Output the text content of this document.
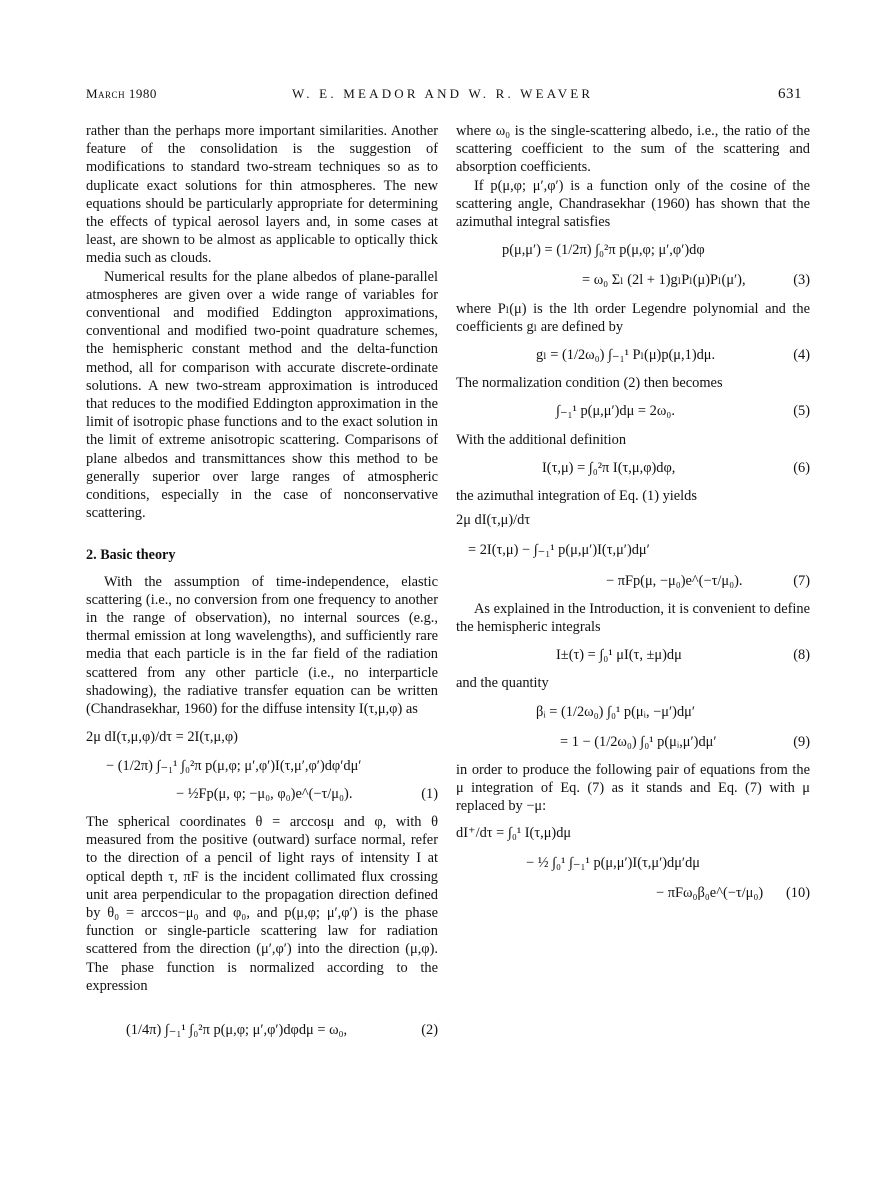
March 1980	W. E. MEADOR AND W. R. WEAVER	631

rather than the perhaps more important similarities. Another feature of the consolidation is the suggestion of modifications to standard two-stream techniques so as to duplicate exact solutions for thin atmospheres. The new equations should be particularly appropriate for determining the effects of typical aerosol layers and, in some cases at least, are shown to be almost as applicable to optically thick media such as clouds.

Numerical results for the plane albedos of plane-parallel atmospheres are given over a wide range of variables for conventional and modified Eddington approximations, conventional and modified two-point quadrature schemes, the hemispheric constant method and the delta-function method, all for comparison with accurate discrete-ordinate solutions. A new two-stream approximation is introduced that reduces to the modified Eddington approximation in the limit of isotropic phase functions and to the exact solution in the limit of extreme anisotropic scattering. Comparisons of plane albedos and transmittances show this method to be generally superior over large ranges of atmospheric conditions, especially in the case of nonconservative scattering.

2. Basic theory

With the assumption of time-independence, elastic scattering (i.e., no conversion from one frequency to another in the range of observation), no internal sources (e.g., thermal emission at long wavelengths), and sufficiently rare media that each particle is in the far field of the radiation scattered from any other particle (i.e., no interparticle shadowing), the radiative transfer equation can be written (Chandrasekhar, 1960) for the diffuse intensity I(τ,μ,φ) as

2μ dI(τ,μ,φ)/dτ = 2I(τ,μ,φ)
− (1/2π) ∫₋₁¹ ∫₀²π p(μ,φ; μ′,φ′)I(τ,μ′,φ′)dφ′dμ′
− ½Fp(μ, φ; −μ₀, φ₀)e^(−τ/μ₀).	(1)

The spherical coordinates θ = arccosμ and φ, with θ measured from the positive (outward) surface normal, refer to the direction of a pencil of light rays of intensity I at optical depth τ, πF is the incident collimated flux crossing unit area perpendicular to the propagation direction defined by θ₀ = arccos−μ₀ and φ₀, and p(μ,φ; μ′,φ′) is the phase function or single-particle scattering law for radiation scattered from the direction (μ′,φ′) into the direction (μ,φ). The phase function is normalized according to the expression

(1/4π) ∫₋₁¹ ∫₀²π p(μ,φ; μ′,φ′)dφdμ = ω₀,	(2)

where ω₀ is the single-scattering albedo, i.e., the ratio of the scattering coefficient to the sum of the scattering and absorption coefficients.

If p(μ,φ; μ′,φ′) is a function only of the cosine of the scattering angle, Chandrasekhar (1960) has shown that the azimuthal integral satisfies

p(μ,μ′) = (1/2π) ∫₀²π p(μ,φ; μ′,φ′)dφ
= ω₀ Σₗ (2l + 1)gₗPₗ(μ)Pₗ(μ′),	(3)

where Pₗ(μ) is the lth order Legendre polynomial and the coefficients gₗ are defined by

gₗ = (1/2ω₀) ∫₋₁¹ Pₗ(μ)p(μ,1)dμ.	(4)

The normalization condition (2) then becomes

∫₋₁¹ p(μ,μ′)dμ = 2ω₀.	(5)

With the additional definition

I(τ,μ) = ∫₀²π I(τ,μ,φ)dφ,	(6)

the azimuthal integration of Eq. (1) yields

2μ dI(τ,μ)/dτ
= 2I(τ,μ) − ∫₋₁¹ p(μ,μ′)I(τ,μ′)dμ′
− πFp(μ, −μ₀)e^(−τ/μ₀).	(7)

As explained in the Introduction, it is convenient to define the hemispheric integrals

I±(τ) = ∫₀¹ μI(τ, ±μ)dμ	(8)

and the quantity

βᵢ = (1/2ω₀) ∫₀¹ p(μᵢ, −μ′)dμ′
= 1 − (1/2ω₀) ∫₀¹ p(μᵢ,μ′)dμ′	(9)

in order to produce the following pair of equations from the μ integration of Eq. (7) as it stands and Eq. (7) with μ replaced by −μ:

dI⁺/dτ = ∫₀¹ I(τ,μ)dμ
− ½ ∫₀¹ ∫₋₁¹ p(μ,μ′)I(τ,μ′)dμ′dμ
− πFω₀β₀e^(−τ/μ₀)	(10)
